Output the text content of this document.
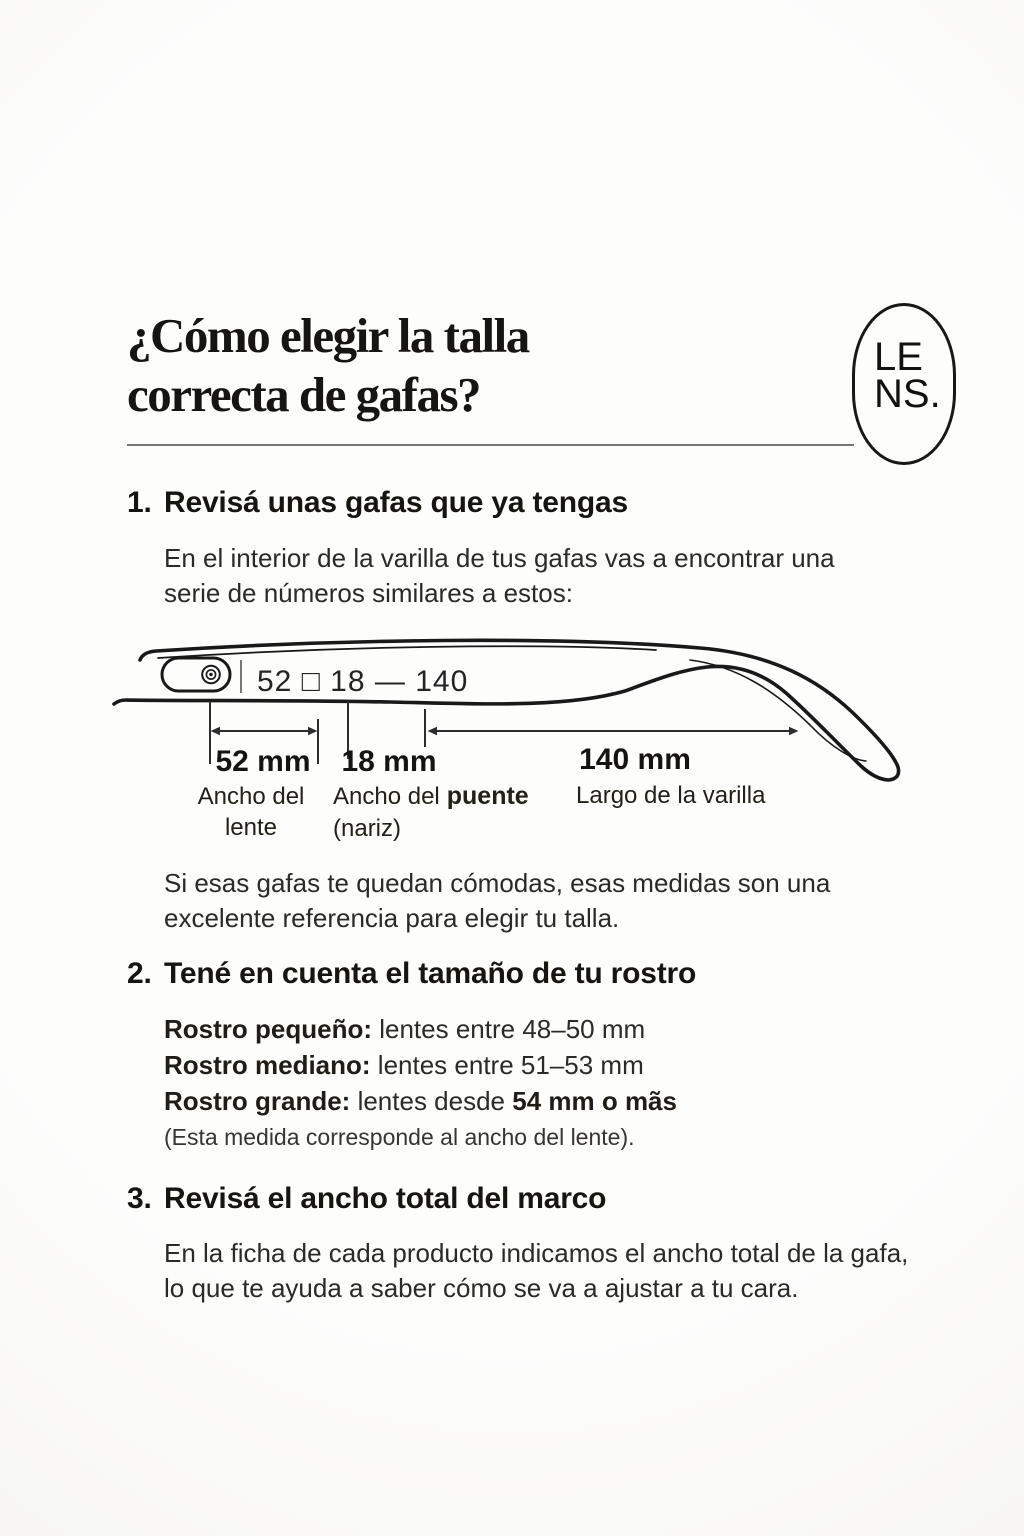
¿Cómo elegir la talla
correcta de gafas?
LE
NS.
1. Revisá unas gafas que ya tengas
En el interior de la varilla de tus gafas vas a encontrar una
serie de números similares a estos:
52 □ 18 — 140
52 mm 18 mm	140 mm
Ancho del
lente
Ancho del puente
(nariz)
Largo de la varilla
Si esas gafas te quedan cómodas, esas medidas son una
excelente referencia para elegir tu talla.
2. Tené en cuenta el tamaño de tu rostro
Rostro pequeño: lentes entre 48–50 mm
Rostro mediano: lentes entre 51–53 mm
Rostro grande: lentes desde 54 mm o mãs
(Esta medida corresponde al ancho del lente).
3. Revisá el ancho total del marco
En la ficha de cada producto indicamos el ancho total de la gafa,
lo que te ayuda a saber cómo se va a ajustar a tu cara.
